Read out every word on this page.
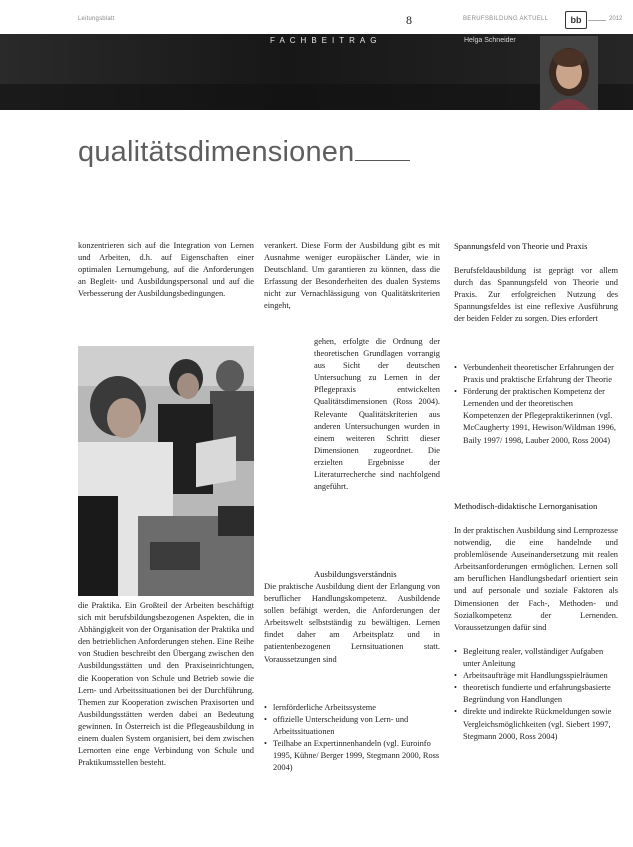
Leitungsblatt	8	BERUFSBILDUNG AKTUELL	bb	2012
FACHBEITRAG	Helga Schneider
qualitätsdimensionen

konzentrieren sich auf die Integration von Lernen und Arbeiten, d.h. auf Eigenschaften einer optimalen Lernumgebung, auf die Anforderungen an Begleit- und Ausbildungspersonal und auf die Verbesserung der Ausbildungsbedingungen.

die Praktika. Ein Großteil der Arbeiten beschäftigt sich mit berufsbildungsbezogenen Aspekten, die in Abhängigkeit von der Organisation der Praktika und den betrieblichen Anforderungen stehen. Eine Reihe von Studien beschreibt den Übergang zwischen den Ausbildungsstätten und den Praxiseinrichtungen, die Kooperation von Schule und Betrieb sowie die Lern- und Arbeitssituationen bei der Durchführung. Themen zur Kooperation zwischen Praxisorten und Ausbildungsstätten werden dabei an Bedeutung gewinnen. In Österreich ist die Pflegeausbildung in einem dualen System organisiert, bei dem zwischen Lernorten eine enge Verbindung von Schule und Praktikumsstellen besteht.

verankert. Diese Form der Ausbildung gibt es mit Ausnahme weniger europäischer Länder, wie in Deutschland. Um garantieren zu können, dass die Erfassung der Besonderheiten des dualen Systems nicht zur Vernachlässigung von Qualitätskriterien eingeht,

gehen, erfolgte die Ordnung der theoretischen Grundlagen vorrangig aus Sicht der deutschen Untersuchung zu Lernen in der Pflegepraxis entwickelten Qualitätsdimensionen (Ross 2004). Relevante Qualitätskriterien aus anderen Untersuchungen wurden in einem weiteren Schritt dieser Dimensionen zugeordnet. Die erzielten Ergebnisse der Literaturrecherche sind nachfolgend angeführt.

Ausbildungsverständnis

Die praktische Ausbildung dient der Erlangung von beruflicher Handlungskompetenz. Ausbildende sollen befähigt werden, die Anforderungen der Arbeitswelt selbstständig zu bewältigen. Lernen findet daher am Arbeitsplatz und in patientenbezogenen Lernsituationen statt. Voraussetzungen sind

• lernförderliche Arbeitssysteme
• offizielle Unterscheidung von Lern- und Arbeitssituationen
• Teilhabe an Expertinnenhandeln (vgl. Euroinfo 1995, Kühne/ Berger 1999, Stegmann 2000, Ross 2004)

Spannungsfeld von Theorie und Praxis

Berufsfeldausbildung ist geprägt vor allem durch das Spannungsfeld von Theorie und Praxis. Zur erfolgreichen Nutzung des Spannungsfeldes ist eine reflexive Ausführung der beiden Felder zu sorgen. Dies erfordert

• Verbundenheit theoretischer Erfahrungen der Praxis und praktische Erfahrung der Theorie
• Förderung der praktischen Kompetenz der Lernenden und der theoretischen Kompetenzen der Pflegepraktikerinnen (vgl. McCaugherty 1991, Hewison/Wildman 1996, Baily 1997/ 1998, Lauber 2000, Ross 2004)

Methodisch-didaktische Lernorganisation

In der praktischen Ausbildung sind Lernprozesse notwendig, die eine handelnde und problemlösende Auseinandersetzung mit realen Arbeitsanforderungen ermöglichen. Lernen soll am beruflichen Handlungsbedarf orientiert sein und auf personale und soziale Faktoren als Dimensionen der Fach-, Methoden- und Sozialkompetenz der Lernenden. Voraussetzungen dafür sind

• Begleitung realer, vollständiger Aufgaben unter Anleitung
• Arbeitsaufträge mit Handlungsspielräumen
• theoretisch fundierte und erfahrungsbasierte Begründung von Handlungen
• direkte und indirekte Rückmeldungen sowie Vergleichsmöglichkeiten (vgl. Siebert 1997, Stegmann 2000, Ross 2004)
